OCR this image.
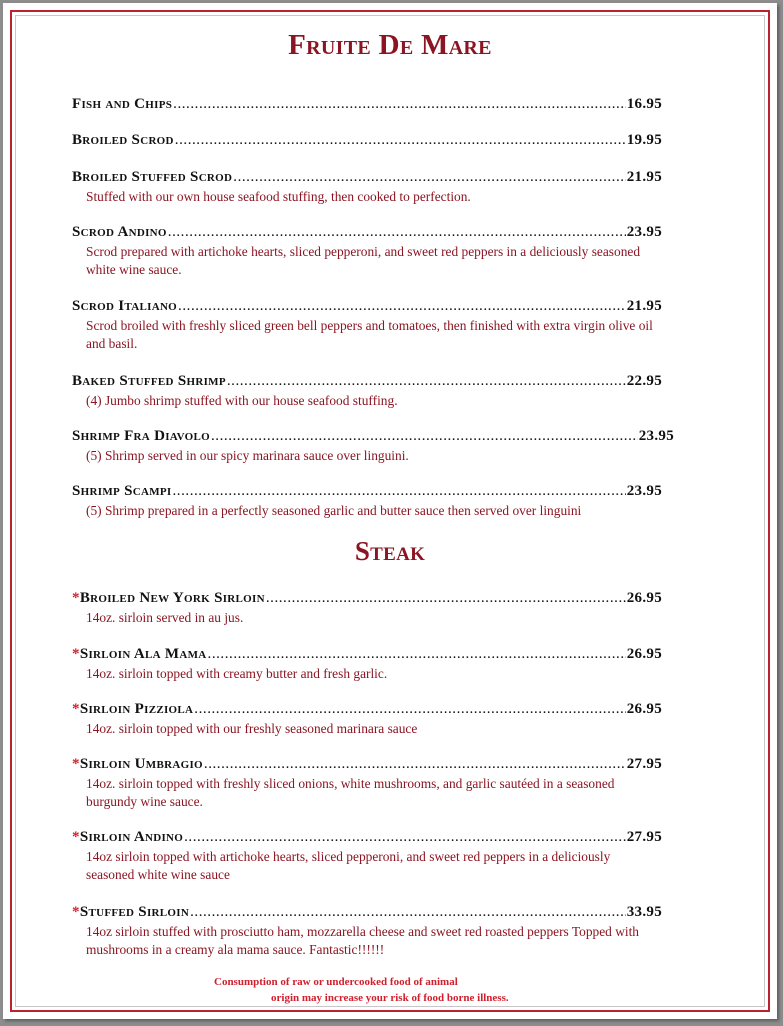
Fruite De Mare
Fish and Chips . . .	16.95
Broiled Scrod . . .	19.95
Broiled Stuffed Scrod . . .	21.95
Stuffed with our own house seafood stuffing, then cooked to perfection.
Scrod Andino . . .	23.95
Scrod prepared with artichoke hearts, sliced pepperoni, and sweet red peppers in a deliciously seasoned white wine sauce.
Scrod Italiano . . .	21.95
Scrod broiled with freshly sliced green bell peppers and tomatoes, then finished with extra virgin olive oil and basil.
Baked Stuffed Shrimp . . .	22.95
(4) Jumbo shrimp stuffed with our house seafood stuffing.
Shrimp Fra Diavolo . . .	23.95
(5) Shrimp served in our spicy marinara sauce over linguini.
Shrimp Scampi . . .	23.95
(5) Shrimp prepared in a perfectly seasoned garlic and butter sauce then served over linguini
Steak
* Broiled New York Sirloin . . .	26.95
14oz. sirloin served in au jus.
* Sirloin Ala Mama . . .	26.95
14oz. sirloin topped with creamy butter and fresh garlic.
* Sirloin Pizziola . . .	26.95
14oz. sirloin topped with our freshly seasoned marinara sauce
* Sirloin Umbragio . . .	27.95
14oz. sirloin topped with freshly sliced onions, white mushrooms, and garlic sautéed in a seasoned burgundy wine sauce.
* Sirloin Andino . . .	27.95
14oz sirloin topped with artichoke hearts, sliced pepperoni, and sweet red peppers in a deliciously seasoned white wine sauce
* Stuffed Sirloin . . .	33.95
14oz sirloin stuffed with prosciutto ham, mozzarella cheese and sweet red roasted peppers Topped with mushrooms in a creamy ala mama sauce. Fantastic!!!!!!
Consumption of raw or undercooked food of animal
origin may increase your risk of food borne illness.
